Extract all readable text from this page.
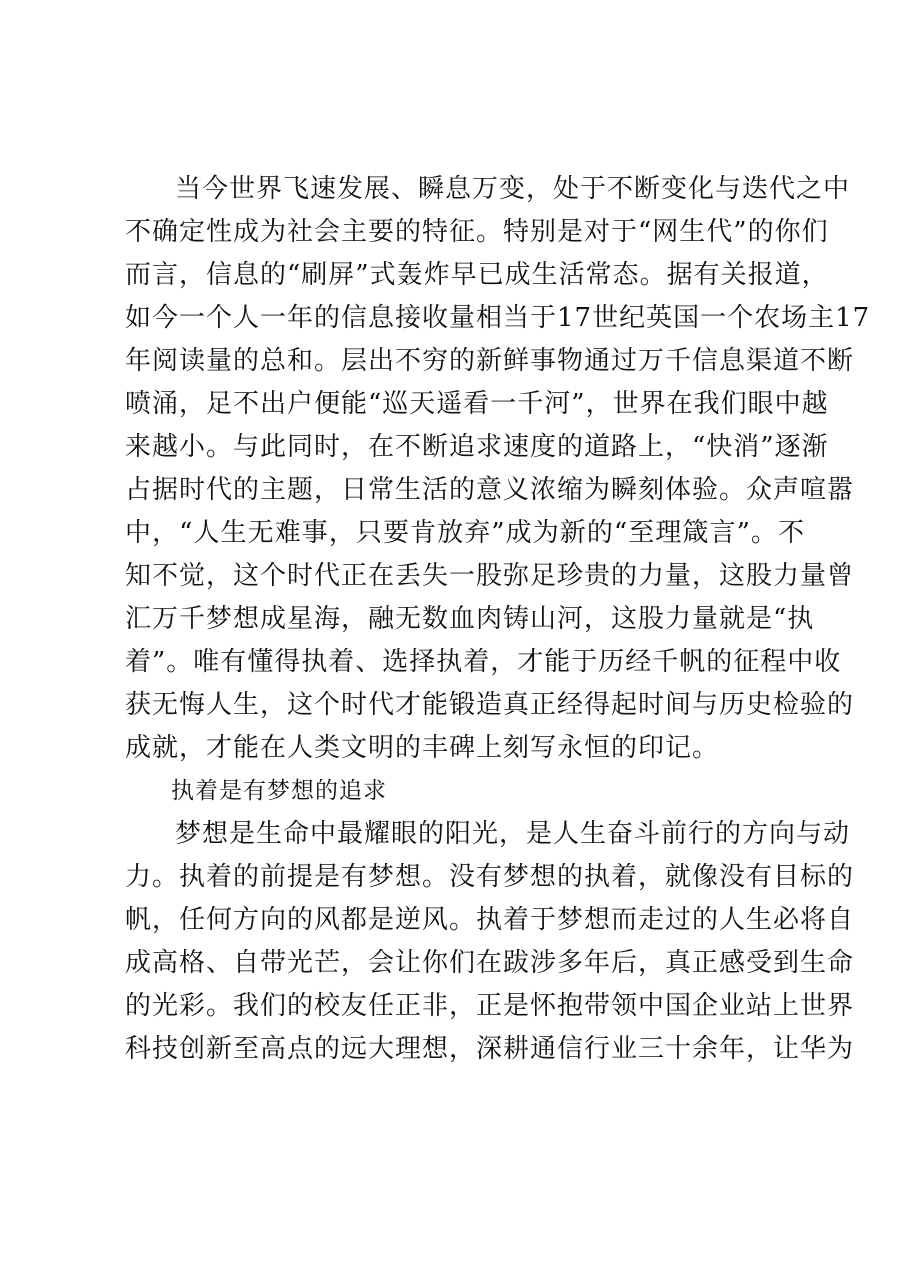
当今世界飞速发展、瞬息万变，处于不断变化与迭代之中
不确定性成为社会主要的特征。特别是对于“网生代”的你们
而言，信息的“刷屏”式轰炸早已成生活常态。据有关报道，
如今一个人一年的信息接收量相当于17世纪英国一个农场主17
年阅读量的总和。层出不穷的新鲜事物通过万千信息渠道不断
喷涌，足不出户便能“巡天遥看一千河”，世界在我们眼中越
来越小。与此同时，在不断追求速度的道路上，“快消”逐渐
占据时代的主题，日常生活的意义浓缩为瞬刻体验。众声喧嚣
中，“人生无难事，只要肯放弃”成为新的“至理箴言”。不
知不觉，这个时代正在丢失一股弥足珍贵的力量，这股力量曾
汇万千梦想成星海，融无数血肉铸山河，这股力量就是“执
着”。唯有懂得执着、选择执着，才能于历经千帆的征程中收
获无悔人生，这个时代才能锻造真正经得起时间与历史检验的
成就，才能在人类文明的丰碑上刻写永恒的印记。
执着是有梦想的追求
梦想是生命中最耀眼的阳光，是人生奋斗前行的方向与动
力。执着的前提是有梦想。没有梦想的执着，就像没有目标的
帆，任何方向的风都是逆风。执着于梦想而走过的人生必将自
成高格、自带光芒，会让你们在跋涉多年后，真正感受到生命
的光彩。我们的校友任正非，正是怀抱带领中国企业站上世界
科技创新至高点的远大理想，深耕通信行业三十余年，让华为
